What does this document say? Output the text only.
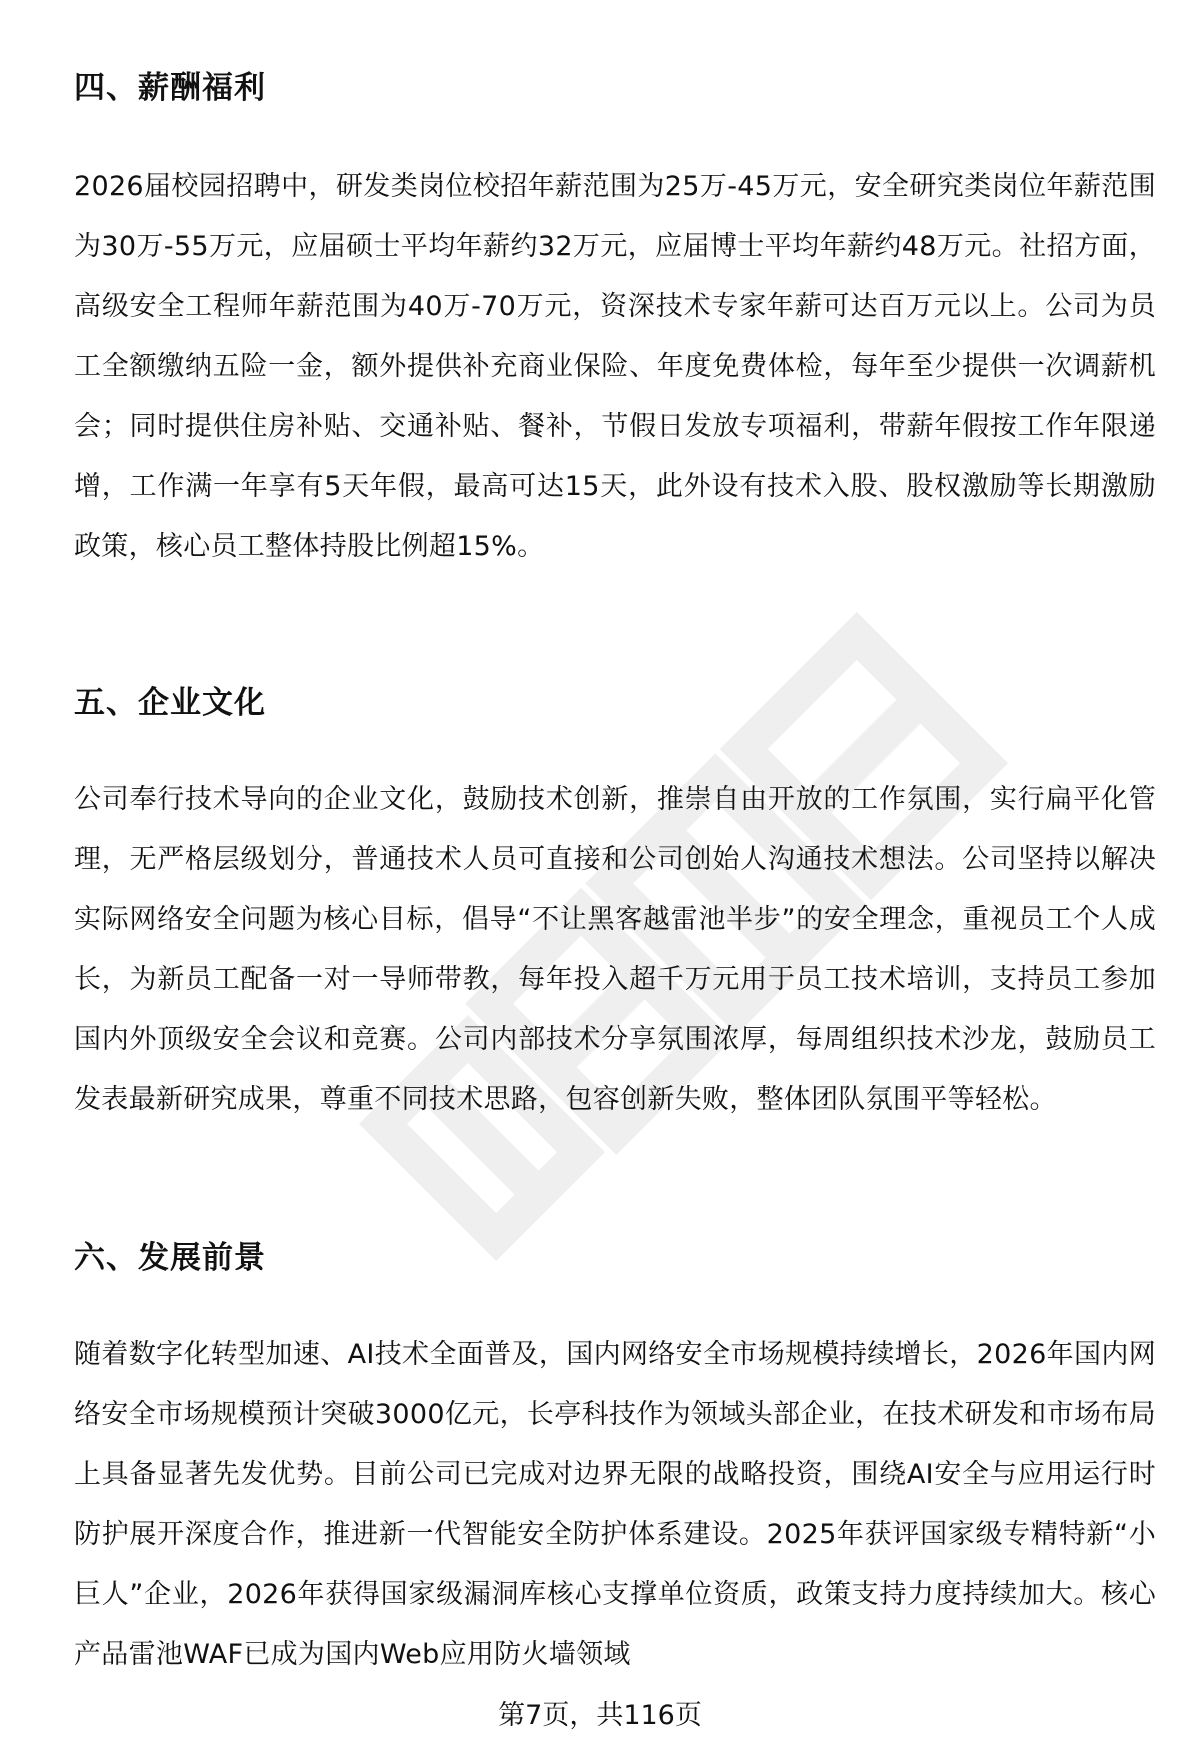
四、薪酬福利

2026届校园招聘中，研发类岗位校招年薪范围为25万-45万元，安全研究类岗位年薪范围为30万-55万元，应届硕士平均年薪约32万元，应届博士平均年薪约48万元。社招方面，高级安全工程师年薪范围为40万-70万元，资深技术专家年薪可达百万元以上。公司为员工全额缴纳五险一金，额外提供补充商业保险、年度免费体检，每年至少提供一次调薪机会；同时提供住房补贴、交通补贴、餐补，节假日发放专项福利，带薪年假按工作年限递增，工作满一年享有5天年假，最高可达15天，此外设有技术入股、股权激励等长期激励政策，核心员工整体持股比例超15%。

五、企业文化

公司奉行技术导向的企业文化，鼓励技术创新，推崇自由开放的工作氛围，实行扁平化管理，无严格层级划分，普通技术人员可直接和公司创始人沟通技术想法。公司坚持以解决实际网络安全问题为核心目标，倡导“不让黑客越雷池半步”的安全理念，重视员工个人成长，为新员工配备一对一导师带教，每年投入超千万元用于员工技术培训，支持员工参加国内外顶级安全会议和竞赛。公司内部技术分享氛围浓厚，每周组织技术沙龙，鼓励员工发表最新研究成果，尊重不同技术思路，包容创新失败，整体团队氛围平等轻松。

六、发展前景

随着数字化转型加速、AI技术全面普及，国内网络安全市场规模持续增长，2026年国内网络安全市场规模预计突破3000亿元，长亭科技作为领域头部企业，在技术研发和市场布局上具备显著先发优势。目前公司已完成对边界无限的战略投资，围绕AI安全与应用运行时防护展开深度合作，推进新一代智能安全防护体系建设。2025年获评国家级专精特新“小巨人”企业，2026年获得国家级漏洞库核心支撑单位资质，政策支持力度持续加大。核心产品雷池WAF已成为国内Web应用防火墙领域

第7页，共116页
